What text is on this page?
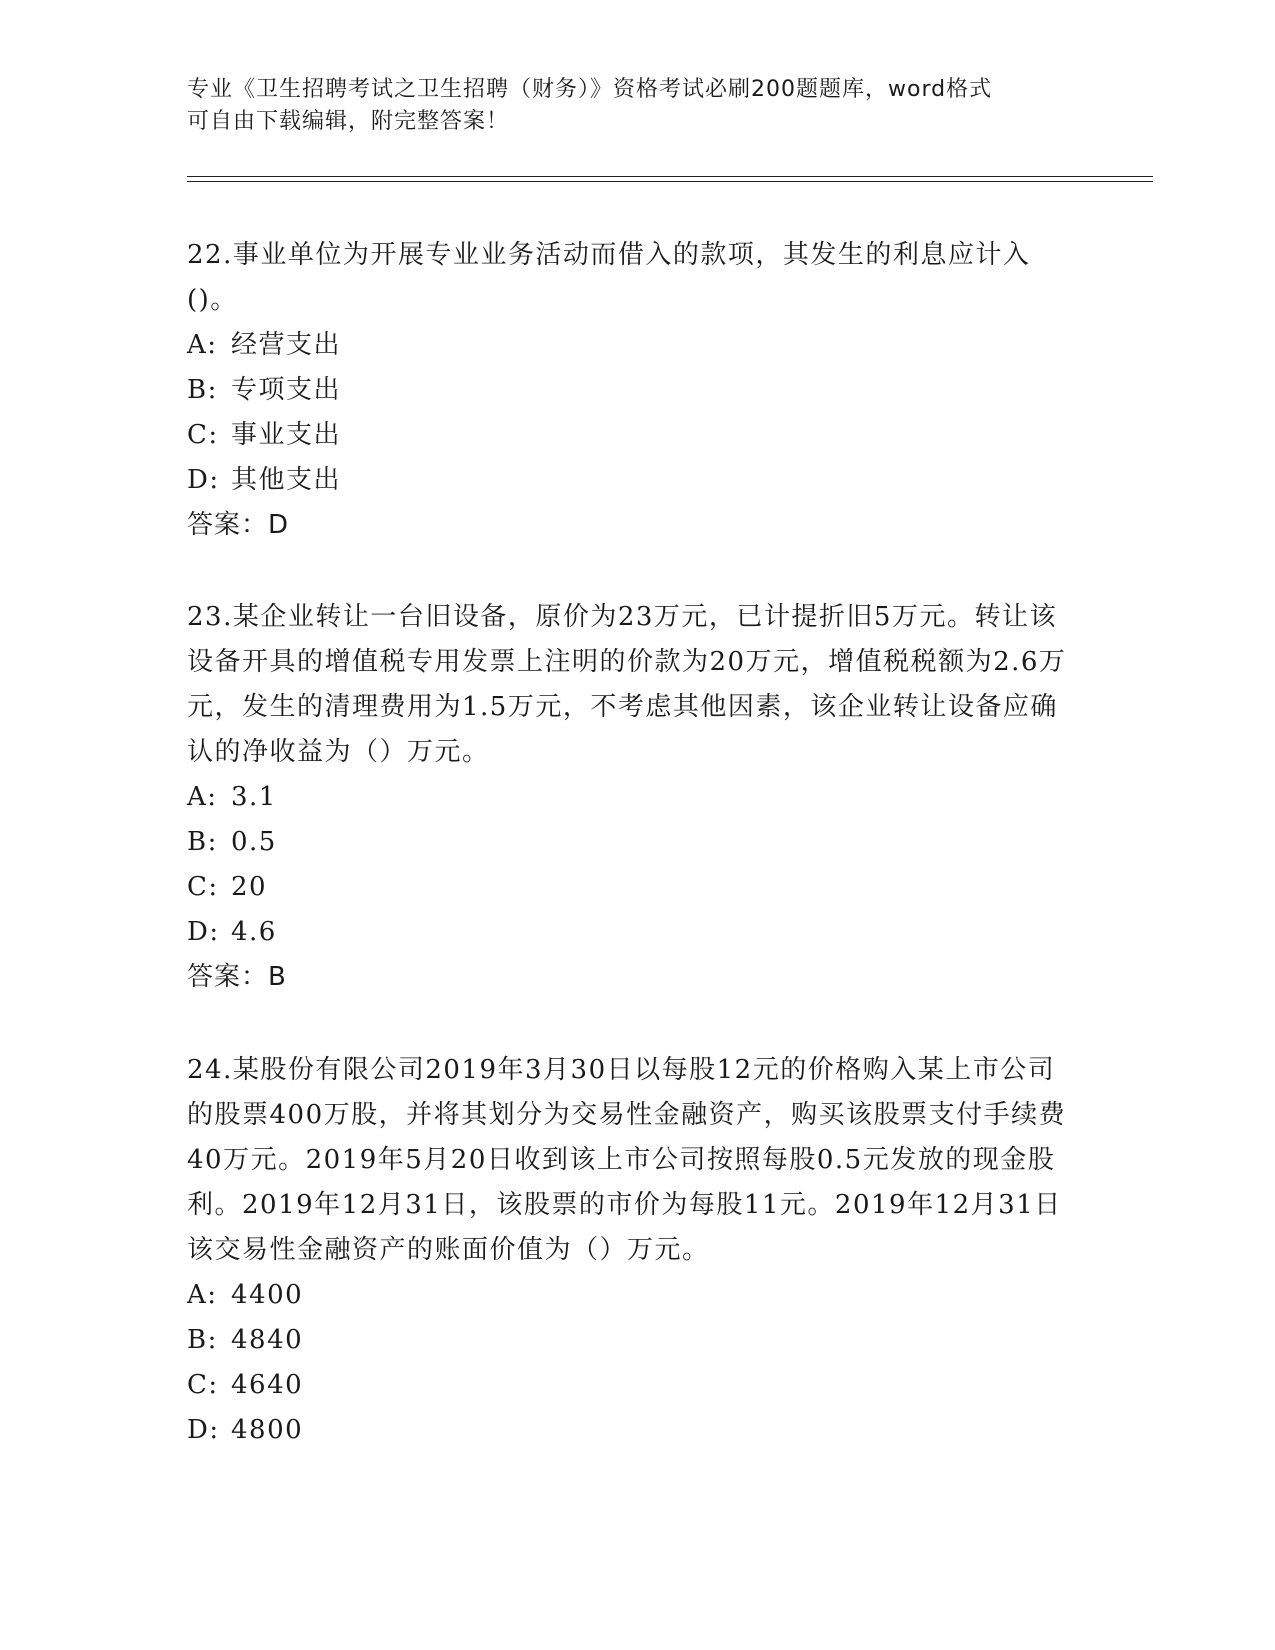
专业《卫生招聘考试之卫生招聘（财务）》资格考试必刷200题题库，word格式
可自由下载编辑，附完整答案！

22.事业单位为开展专业业务活动而借入的款项，其发生的利息应计入()。

A: 经营支出
B: 专项支出
C: 事业支出
D: 其他支出
答案：D

23.某企业转让一台旧设备，原价为23万元，已计提折旧5万元。转让该设备开具的增值税专用发票上注明的价款为20万元，增值税税额为2.6万元，发生的清理费用为1.5万元，不考虑其他因素，该企业转让设备应确认的净收益为（）万元。

A: 3.1
B: 0.5
C: 20
D: 4.6
答案：B

24.某股份有限公司2019年3月30日以每股12元的价格购入某上市公司的股票400万股，并将其划分为交易性金融资产，购买该股票支付手续费40万元。2019年5月20日收到该上市公司按照每股0.5元发放的现金股利。2019年12月31日，该股票的市价为每股11元。2019年12月31日该交易性金融资产的账面价值为（）万元。

A: 4400
B: 4840
C: 4640
D: 4800
